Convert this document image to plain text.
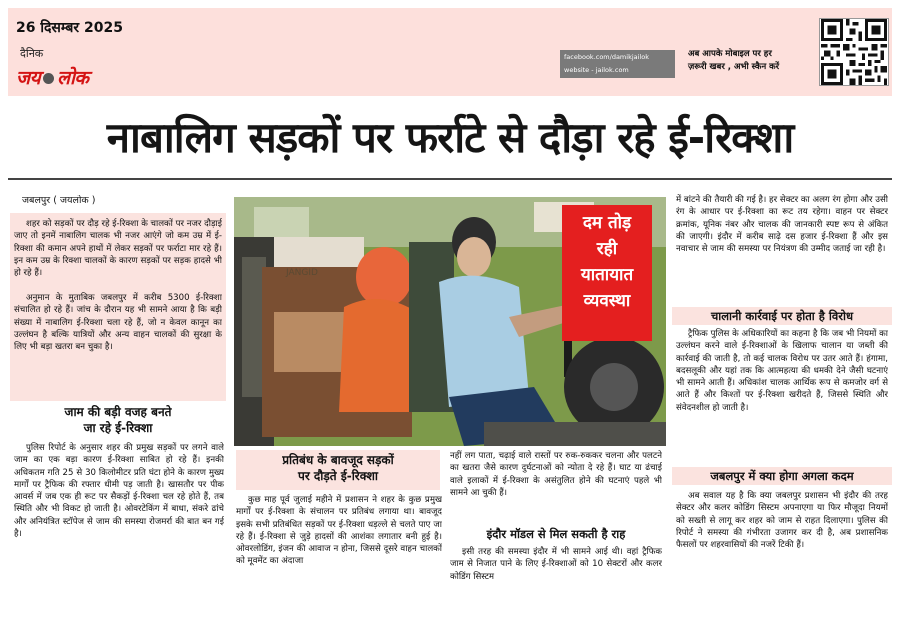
26 दिसम्बर 2025
दैनिक
जय लोक
facebook.com/damikjailok
website - jailok.com
अब आपके मोबाइल पर हर
ज़रूरी खबर , अभी स्कैन करें
नाबालिग सड़कों पर फर्राटे से दौड़ा रहे ई-रिक्शा
जबलपुर ( जयलोक )
शहर को सड़कों पर दौड़ रहे ई-रिक्शा के चालकों पर नजर दौड़ाई जाए तो इनमें नाबालिग चालक भी नजर आएंगे जो कम उम्र में ई-रिक्शा की कमान अपने हाथों में लेकर सड़कों पर फर्राटा मार रहे हैं। इन कम उम्र के रिक्शा चालकों के कारण सड़कों पर सड़क हादसे भी हो रहे हैं।
अनुमान के मुताबिक जबलपुर में करीब 5300 ई-रिक्शा संचालित हो रहे हैं। जांच के दौरान यह भी सामने आया है कि बड़ी संख्या में नाबालिग ई-रिक्शा चला रहे हैं, जो न केवल कानून का उल्लंघन है बल्कि यात्रियों और अन्य वाहन चालकों की सुरक्षा के लिए भी बड़ा खतरा बन चुका है।
जाम की बड़ी वजह बनते
जा रहे ई-रिक्शा
पुलिस रिपोर्ट के अनुसार शहर की प्रमुख सड़कों पर लगने वाले जाम का एक बड़ा कारण ई-रिक्शा साबित हो रहे हैं। इनकी अधिकतम गति 25 से 30 किलोमीटर प्रति घंटा होने के कारण मुख्य मार्गों पर ट्रैफिक की रफ्तार धीमी पड़ जाती है। खासतौर पर पीक आवर्स में जब एक ही रूट पर सैकड़ों ई-रिक्शा चल रहे होते हैं, तब स्थिति और भी विकट हो जाती है। ओवरटेकिंग में बाधा, संकरे ढांचे और अनियंत्रित स्टॉपेज से जाम की समस्या रोजमर्रा की बात बन गई है।
JANGID
दम तोड़
रही
यातायात
व्यवस्था
प्रतिबंध के बावजूद सड़कों
पर दौड़ते ई-रिक्शा
कुछ माह पूर्व जुलाई महीने में प्रशासन ने शहर के कुछ प्रमुख मार्गों पर ई-रिक्शा के संचालन पर प्रतिबंध लगाया था। बावजूद इसके सभी प्रतिबंधित सड़कों पर ई-रिक्शा धड़ल्ले से चलते पाए जा रहे हैं। ई-रिक्शा से जुड़े हादसों की आशंका लगातार बनी हुई है। ओवरलोडिंग, इंजन की आवाज न होना, जिससे दूसरे वाहन चालकों को मूवमेंट का अंदाजा
नहीं लग पाता, चढ़ाई वाले रास्तों पर रुक-रुककर चलना और पलटने का खतरा जैसे कारण दुर्घटनाओं को न्योता दे रहे हैं। घाट या ढंचाई वाले इलाकों में ई-रिक्शा के असंतुलित होने की घटनाएं पहले भी सामने आ चुकी हैं।
इंदौर मॉडल से मिल सकती है राह
इसी तरह की समस्या इंदौर में भी सामने आई थी। वहां ट्रैफिक जाम से निजात पाने के लिए ई-रिक्शाओं को 10 सेक्टरों और कलर कोडिंग सिस्टम
में बांटने की तैयारी की गई है। हर सेक्टर का अलग रंग होगा और उसी रंग के आधार पर ई-रिक्शा का रूट तय रहेगा। वाहन पर सेक्टर क्रमांक, यूनिक नंबर और चालक की जानकारी स्पष्ट रूप से अंकित की जाएगी। इंदौर में करीब साढ़े दस हजार ई-रिक्शा हैं और इस नवाचार से जाम की समस्या पर नियंत्रण की उम्मीद जताई जा रही है।
चालानी कार्रवाई पर होता है विरोध
ट्रैफिक पुलिस के अधिकारियों का कहना है कि जब भी नियमों का उल्लंघन करने वाले ई-रिक्शाओं के खिलाफ चालान या जब्ती की कार्रवाई की जाती है, तो कई चालक विरोध पर उतर आते हैं। हंगामा, बदसलूकी और यहां तक कि आत्महत्या की धमकी देने जैसी घटनाएं भी सामने आती हैं। अधिकांश चालक आर्थिक रूप से कमजोर वर्ग से आते हैं और किश्तों पर ई-रिक्शा खरीदते हैं, जिससे स्थिति और संवेदनशील हो जाती है।
जबलपुर में क्या होगा अगला कदम
अब सवाल यह है कि क्या जबलपुर प्रशासन भी इंदौर की तरह सेक्टर और कलर कोडिंग सिस्टम अपनाएगा या फिर मौजूदा नियमों को सख्ती से लागू कर शहर को जाम से राहत दिलाएगा। पुलिस की रिपोर्ट ने समस्या की गंभीरता उजागर कर दी है, अब प्रशासनिक फैसलों पर शहरवासियों की नजरें टिकी हैं।
